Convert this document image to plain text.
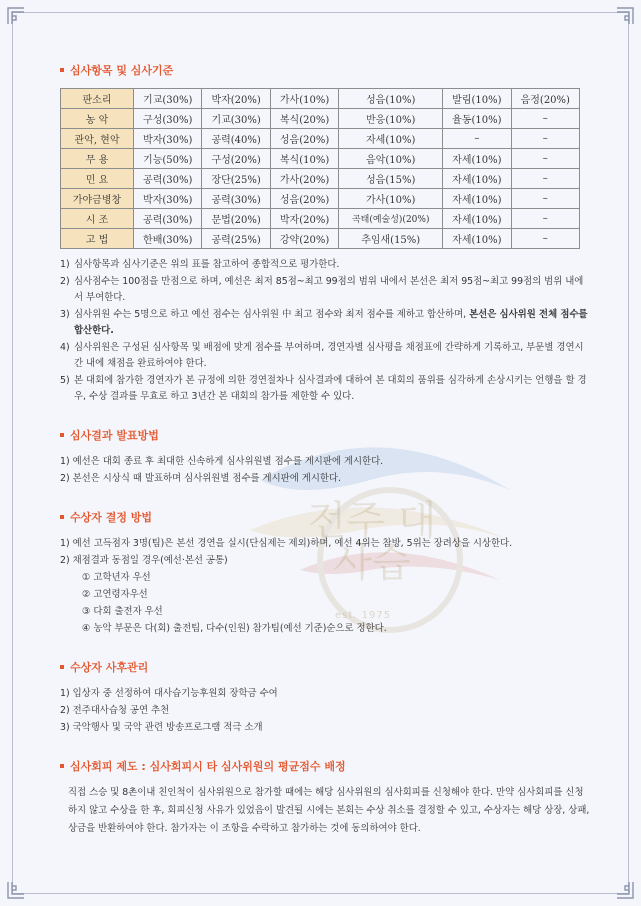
전주 대사습
est. 1975
심사항목 및 심사기준
판소리	기교(30%)	박자(20%)	가사(10%)	성음(10%)	발림(10%)	음정(20%)
농 악	구성(30%)	기교(30%)	복식(20%)	반응(10%)	율동(10%)	–
관악, 현악	박자(30%)	공력(40%)	성음(20%)	자세(10%)	–	–
무 용	기능(50%)	구성(20%)	복식(10%)	음악(10%)	자세(10%)	–
민 요	공력(30%)	장단(25%)	가사(20%)	성음(15%)	자세(10%)	–
가야금병창	박자(30%)	공력(30%)	성음(20%)	가사(10%)	자세(10%)	–
시 조	공력(30%)	문법(20%)	박자(20%)	곡태(예술성)(20%)	자세(10%)	–
고 법	한배(30%)	공력(25%)	강약(20%)	추임새(15%)	자세(10%)	–
1) 심사항목과 심사기준은 위의 표를 참고하여 종합적으로 평가한다.
2) 심사점수는 100점을 만점으로 하며, 예선은 최저 85점~최고 99점의 범위 내에서 본선은 최저 95점~최고 99점의 범위 내에서 부여한다.
3) 심사위원 수는 5명으로 하고 예선 점수는 심사위원 中 최고 점수와 최저 점수를 제하고 합산하며, 본선은 심사위원 전체 점수를 합산한다.
4) 심사위원은 구성된 심사항목 및 배점에 맞게 점수를 부여하며, 경연자별 심사평을 채점표에 간략하게 기록하고, 부문별 경연시간 내에 채점을 완료하여야 한다.
5) 본 대회에 참가한 경연자가 본 규정에 의한 경연절차나 심사결과에 대하여 본 대회의 품위를 심각하게 손상시키는 언행을 할 경우, 수상 결과를 무효로 하고 3년간 본 대회의 참가를 제한할 수 있다.
심사결과 발표방법
1) 예선은 대회 종료 후 최대한 신속하게 심사위원별 점수를 게시판에 게시한다.
2) 본선은 시상식 때 발표하며 심사위원별 점수를 게시판에 게시한다.
수상자 결정 방법
1) 예선 고득점자 3명(팀)은 본선 경연을 실시(단심제는 제외)하며, 예선 4위는 참방, 5위는 장려상을 시상한다.
2) 채점결과 동점일 경우(예선·본선 공통)
① 고학년자 우선
② 고연령자우선
③ 다회 출전자 우선
④ 농악 부문은 다(회) 출전팀, 다수(인원) 참가팀(예선 기준)순으로 정한다.
수상자 사후관리
1) 입상자 중 선정하여 대사습기능후원회 장학금 수여
2) 전주대사습청 공연 추천
3) 국악행사 및 국악 관련 방송프로그램 적극 소개
심사회피 제도 : 심사회피시 타 심사위원의 평균점수 배정
직접 스승 및 8촌이내 친인척이 심사위원으로 참가할 때에는 해당 심사위원의 심사회피를 신청해야 한다. 만약 심사회피를 신청하지 않고 수상을 한 후, 회피신청 사유가 있었음이 발견될 시에는 본회는 수상 취소를 결정할 수 있고, 수상자는 해당 상장, 상패, 상금을 반환하여야 한다. 참가자는 이 조항을 수락하고 참가하는 것에 동의하여야 한다.
